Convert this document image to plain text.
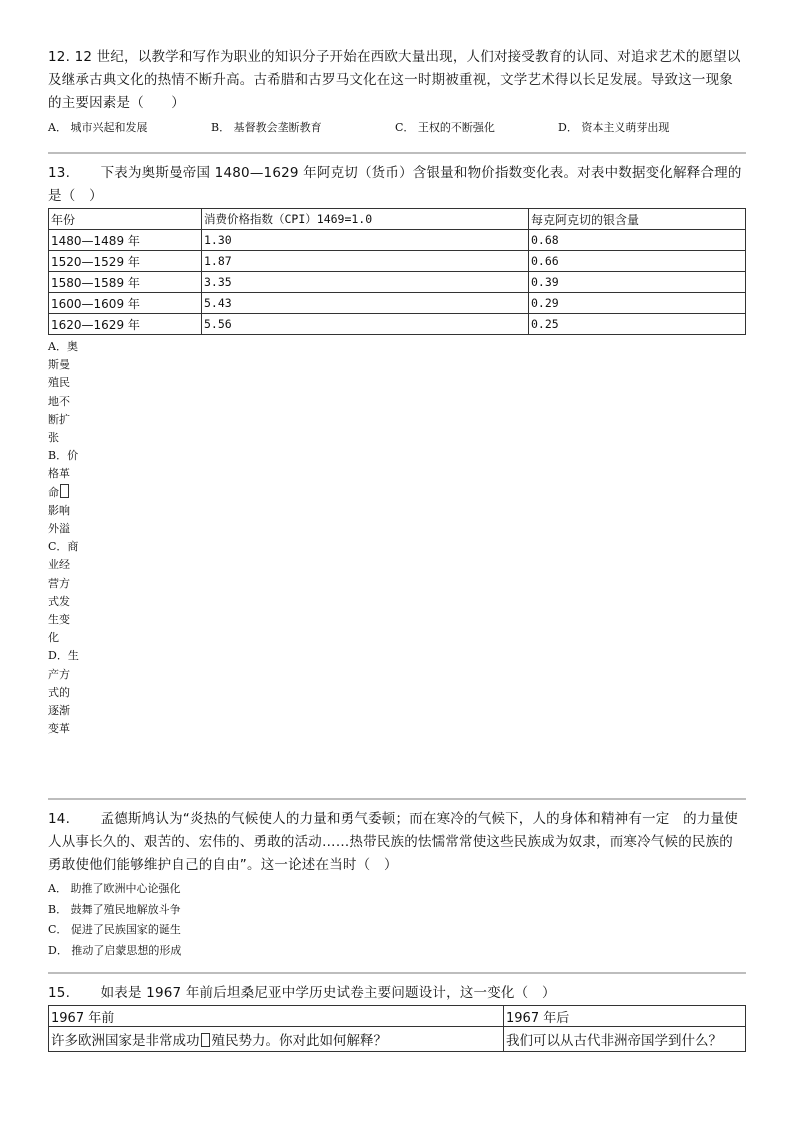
12. 12 世纪，以教学和写作为职业的知识分子开始在西欧大量出现，人们对接受教育的认同、对追求艺术的愿望以及继承古典文化的热情不断升高。古希腊和古罗马文化在这一时期被重视，文学艺术得以长足发展。导致这一现象的主要因素是（　　）
A． 城市兴起和发展	B． 基督教会垄断教育	C． 王权的不断强化	D． 资本主义萌芽出现
13. 下表为奥斯曼帝国 1480—1629 年阿克切（货币）含银量和物价指数变化表。对表中数据变化解释合理的是（　）
年份	消费价格指数（CPI）1469=1.0	每克阿克切的银含量
1480—1489 年	1.30	0.68
1520—1529 年	1.87	0.66
1580—1589 年	3.35	0.39
1600—1609 年	5.43	0.29
1620—1629 年	5.56	0.25
A．奥斯曼殖民地不断扩张
B．价格革命影响外溢
C．商业经营方式发生变化
D．生产方式的逐渐变革
14. 孟德斯鸠认为“炎热的气候使人的力量和勇气委顿；而在寒冷的气候下，人的身体和精神有一定　的力量使人从事长久的、艰苦的、宏伟的、勇敢的活动……热带民族的怯懦常常使这些民族成为奴隶，而寒冷气候的民族的勇敢使他们能够维护自己的自由”。这一论述在当时（　）
A． 助推了欧洲中心论强化
B． 鼓舞了殖民地解放斗争
C． 促进了民族国家的诞生
D． 推动了启蒙思想的形成
15. 如表是 1967 年前后坦桑尼亚中学历史试卷主要问题设计，这一变化（　）
1967 年前	1967 年后
许多欧洲国家是非常成功 殖民势力。你对此如何解释？	我们可以从古代非洲帝国学到什么？
